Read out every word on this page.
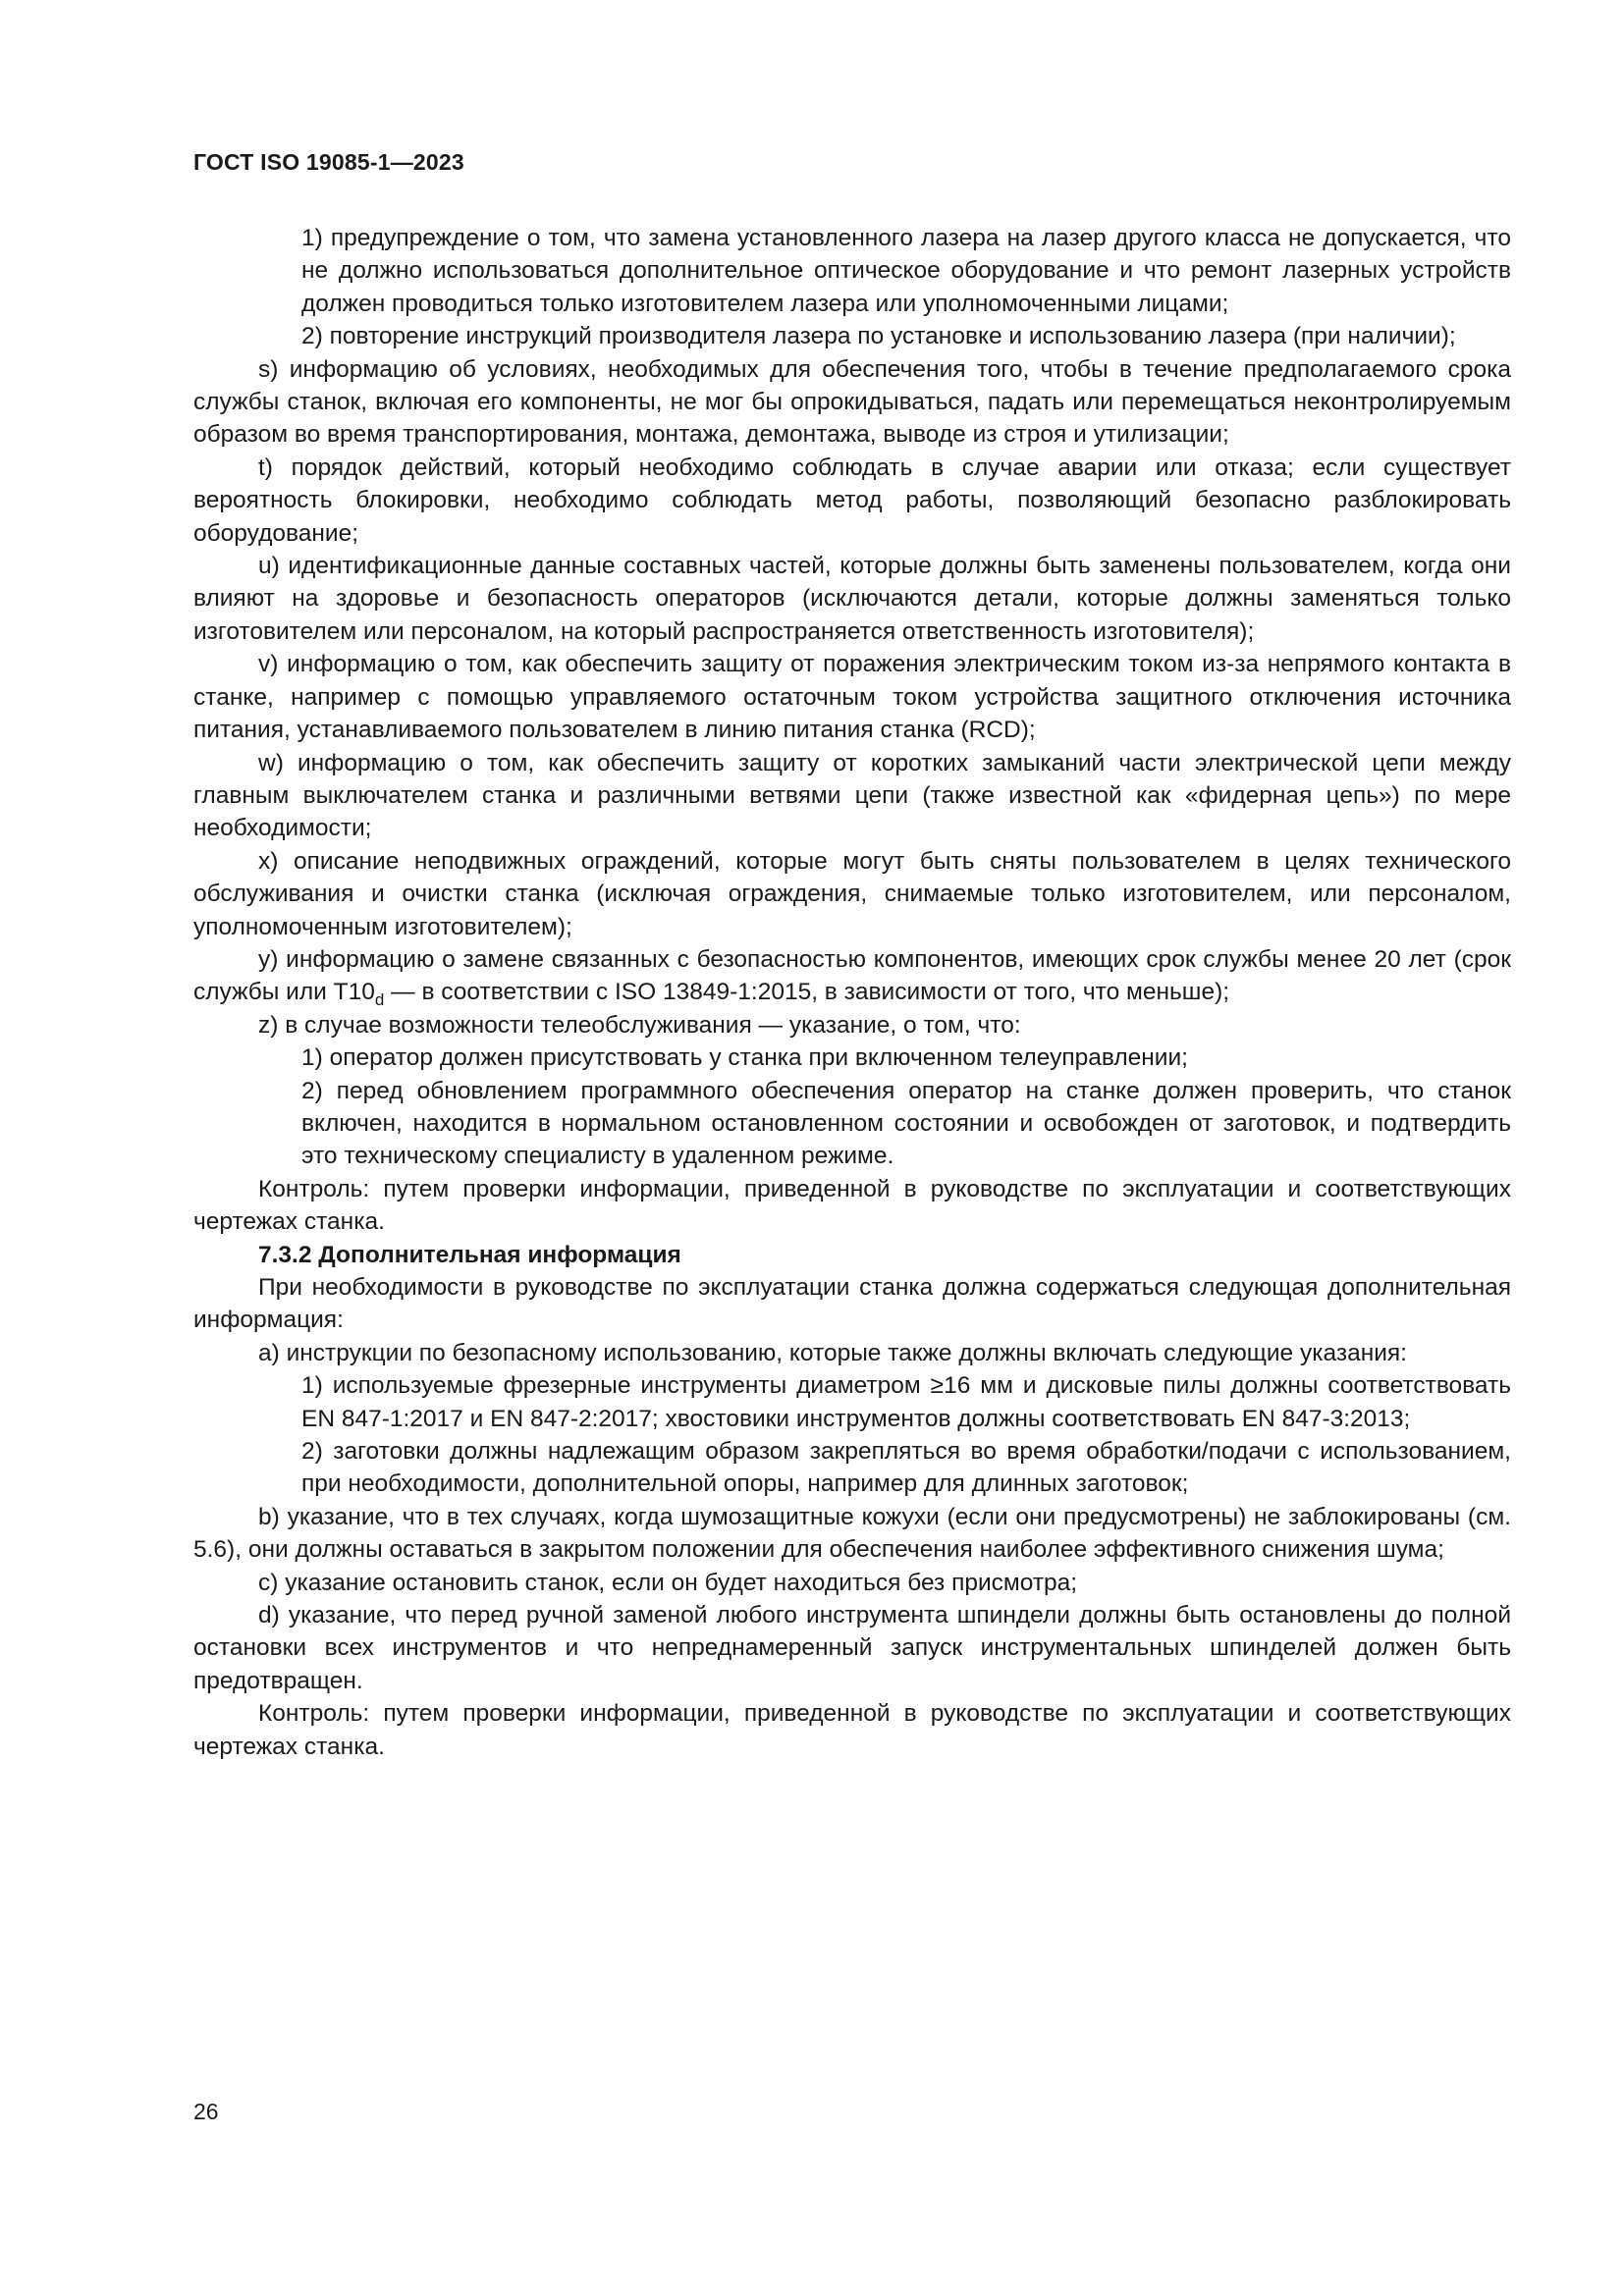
ГОСТ ISO 19085-1—2023

1) предупреждение о том, что замена установленного лазера на лазер другого класса не допускается, что не должно использоваться дополнительное оптическое оборудование и что ремонт лазерных устройств должен проводиться только изготовителем лазера или уполномоченными лицами;

2) повторение инструкций производителя лазера по установке и использованию лазера (при наличии);

s) информацию об условиях, необходимых для обеспечения того, чтобы в течение предполагаемого срока службы станок, включая его компоненты, не мог бы опрокидываться, падать или перемещаться неконтролируемым образом во время транспортирования, монтажа, демонтажа, выводе из строя и утилизации;

t) порядок действий, который необходимо соблюдать в случае аварии или отказа; если существует вероятность блокировки, необходимо соблюдать метод работы, позволяющий безопасно разблокировать оборудование;

u) идентификационные данные составных частей, которые должны быть заменены пользователем, когда они влияют на здоровье и безопасность операторов (исключаются детали, которые должны заменяться только изготовителем или персоналом, на который распространяется ответственность изготовителя);

v) информацию о том, как обеспечить защиту от поражения электрическим током из-за непрямого контакта в станке, например с помощью управляемого остаточным током устройства защитного отключения источника питания, устанавливаемого пользователем в линию питания станка (RCD);

w) информацию о том, как обеспечить защиту от коротких замыканий части электрической цепи между главным выключателем станка и различными ветвями цепи (также известной как «фидерная цепь») по мере необходимости;

x) описание неподвижных ограждений, которые могут быть сняты пользователем в целях технического обслуживания и очистки станка (исключая ограждения, снимаемые только изготовителем, или персоналом, уполномоченным изготовителем);

y) информацию о замене связанных с безопасностью компонентов, имеющих срок службы менее 20 лет (срок службы или $T10_d$ — в соответствии с ISO 13849-1:2015, в зависимости от того, что меньше);

z) в случае возможности телеобслуживания — указание, о том, что:

1) оператор должен присутствовать у станка при включенном телеуправлении;

2) перед обновлением программного обеспечения оператор на станке должен проверить, что станок включен, находится в нормальном остановленном состоянии и освобожден от заготовок, и подтвердить это техническому специалисту в удаленном режиме.

Контроль: путем проверки информации, приведенной в руководстве по эксплуатации и соответствующих чертежах станка.

7.3.2 Дополнительная информация

При необходимости в руководстве по эксплуатации станка должна содержаться следующая дополнительная информация:

a) инструкции по безопасному использованию, которые также должны включать следующие указания:

1) используемые фрезерные инструменты диаметром ≥16 мм и дисковые пилы должны соответствовать EN 847-1:2017 и EN 847-2:2017; хвостовики инструментов должны соответствовать EN 847-3:2013;

2) заготовки должны надлежащим образом закрепляться во время обработки/подачи с использованием, при необходимости, дополнительной опоры, например для длинных заготовок;

b) указание, что в тех случаях, когда шумозащитные кожухи (если они предусмотрены) не заблокированы (см. 5.6), они должны оставаться в закрытом положении для обеспечения наиболее эффективного снижения шума;

c) указание остановить станок, если он будет находиться без присмотра;

d) указание, что перед ручной заменой любого инструмента шпиндели должны быть остановлены до полной остановки всех инструментов и что непреднамеренный запуск инструментальных шпинделей должен быть предотвращен.

Контроль: путем проверки информации, приведенной в руководстве по эксплуатации и соответствующих чертежах станка.

26
